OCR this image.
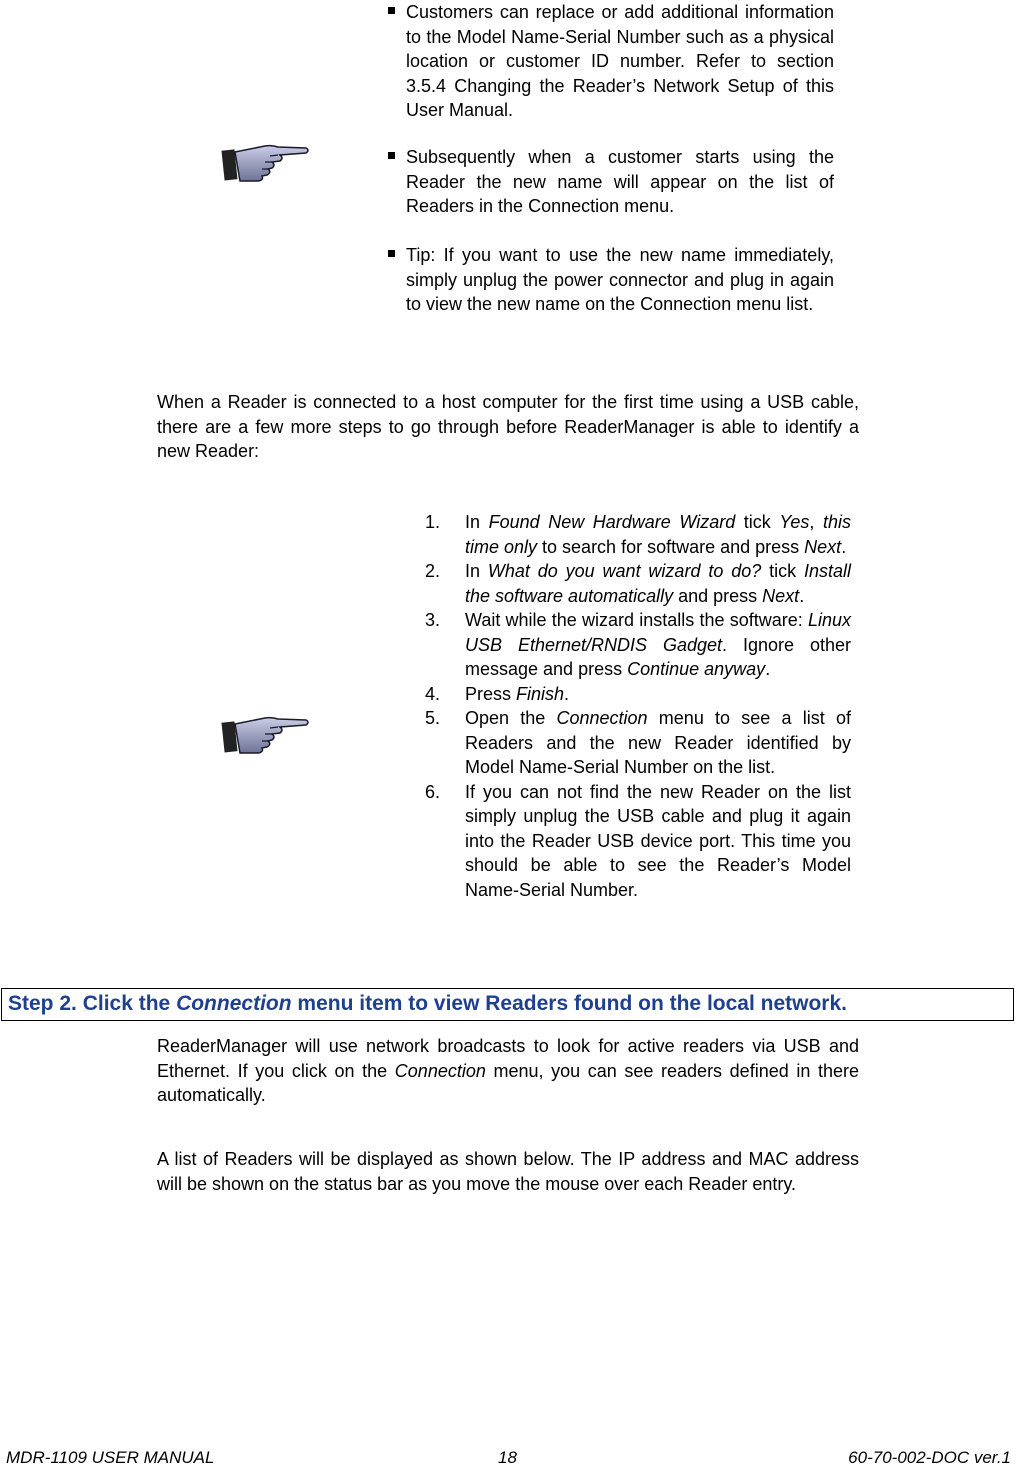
Customers can replace or add additional information to the Model Name-Serial Number such as a physical location or customer ID number. Refer to section 3.5.4 Changing the Reader’s Network Setup of this User Manual.
Subsequently when a customer starts using the Reader the new name will appear on the list of Readers in the Connection menu.
Tip: If you want to use the new name immediately, simply unplug the power connector and plug in again to view the new name on the Connection menu list.
When a Reader is connected to a host computer for the first time using a USB cable, there are a few more steps to go through before ReaderManager is able to identify a new Reader:
1. In Found New Hardware Wizard tick Yes, this time only to search for software and press Next.
2. In What do you want wizard to do? tick Install the software automatically and press Next.
3. Wait while the wizard installs the software: Linux USB Ethernet/RNDIS Gadget. Ignore other message and press Continue anyway.
4. Press Finish.
5. Open the Connection menu to see a list of Readers and the new Reader identified by Model Name-Serial Number on the list.
6. If you can not find the new Reader on the list simply unplug the USB cable and plug it again into the Reader USB device port. This time you should be able to see the Reader’s Model Name-Serial Number.
Step 2. Click the Connection menu item to view Readers found on the local network.
ReaderManager will use network broadcasts to look for active readers via USB and Ethernet. If you click on the Connection menu, you can see readers defined in there automatically.
A list of Readers will be displayed as shown below. The IP address and MAC address will be shown on the status bar as you move the mouse over each Reader entry.
MDR-1109 USER MANUAL	18	60-70-002-DOC ver.1
